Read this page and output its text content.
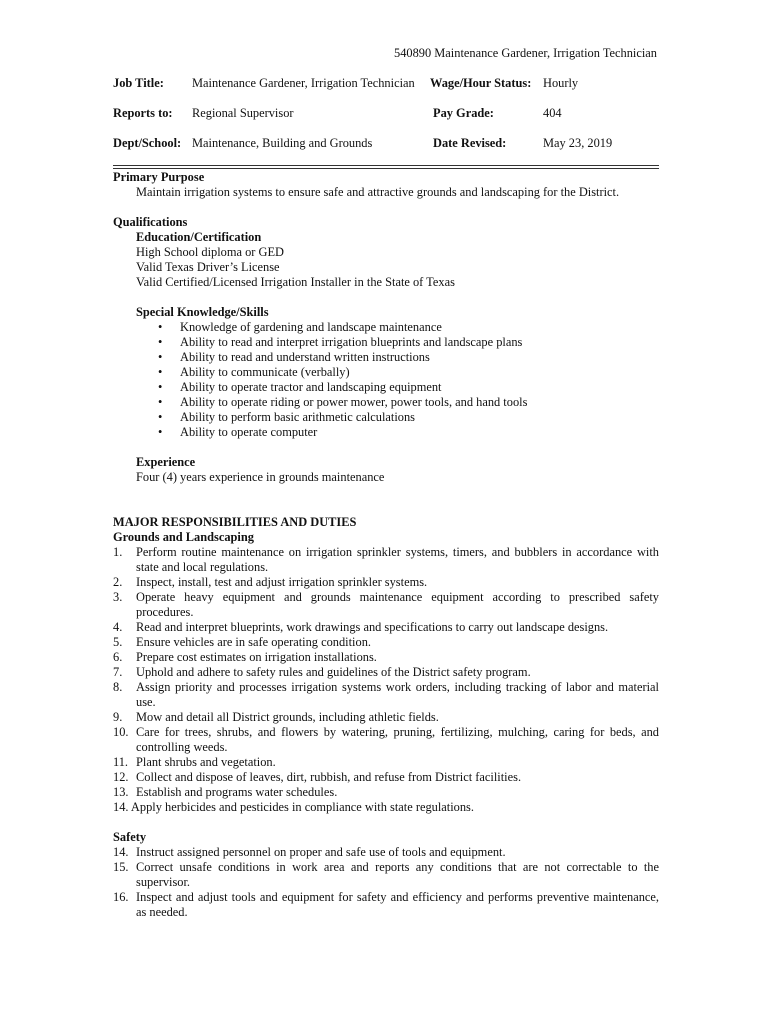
540890 Maintenance Gardener, Irrigation Technician
Job Title: Maintenance Gardener, Irrigation Technician Wage/Hour Status: Hourly
Reports to: Regional Supervisor	Pay Grade:	404
Dept/School: Maintenance, Building and Grounds	Date Revised:	May 23, 2019
Primary Purpose
Maintain irrigation systems to ensure safe and attractive grounds and landscaping for the District.
Qualifications
Education/Certification
High School diploma or GED
Valid Texas Driver’s License
Valid Certified/Licensed Irrigation Installer in the State of Texas
Special Knowledge/Skills
• Knowledge of gardening and landscape maintenance
• Ability to read and interpret irrigation blueprints and landscape plans
• Ability to read and understand written instructions
• Ability to communicate (verbally)
• Ability to operate tractor and landscaping equipment
• Ability to operate riding or power mower, power tools, and hand tools
• Ability to perform basic arithmetic calculations
• Ability to operate computer
Experience
Four (4) years experience in grounds maintenance
MAJOR RESPONSIBILITIES AND DUTIES
Grounds and Landscaping
1. Perform routine maintenance on irrigation sprinkler systems, timers, and bubblers in accordance with state and local regulations.
2. Inspect, install, test and adjust irrigation sprinkler systems.
3. Operate heavy equipment and grounds maintenance equipment according to prescribed safety procedures.
4. Read and interpret blueprints, work drawings and specifications to carry out landscape designs.
5. Ensure vehicles are in safe operating condition.
6. Prepare cost estimates on irrigation installations.
7. Uphold and adhere to safety rules and guidelines of the District safety program.
8. Assign priority and processes irrigation systems work orders, including tracking of labor and material use.
9. Mow and detail all District grounds, including athletic fields.
10. Care for trees, shrubs, and flowers by watering, pruning, fertilizing, mulching, caring for beds, and controlling weeds.
11. Plant shrubs and vegetation.
12. Collect and dispose of leaves, dirt, rubbish, and refuse from District facilities.
13. Establish and programs water schedules.
14. Apply herbicides and pesticides in compliance with state regulations.
Safety
14. Instruct assigned personnel on proper and safe use of tools and equipment.
15. Correct unsafe conditions in work area and reports any conditions that are not correctable to the supervisor.
16. Inspect and adjust tools and equipment for safety and efficiency and performs preventive maintenance, as needed.
